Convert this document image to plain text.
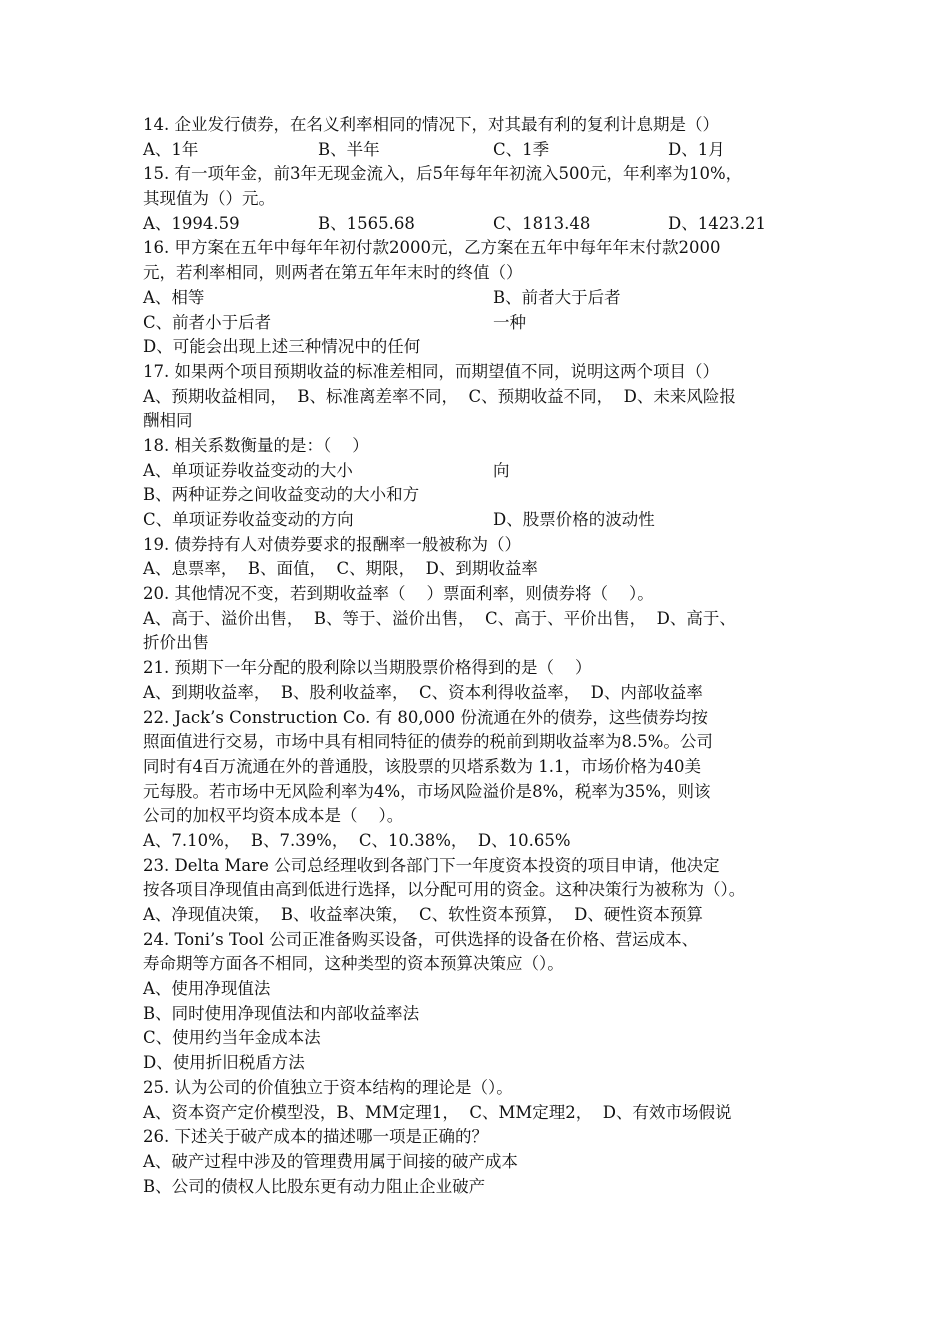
14. 企业发行债券，在名义利率相同的情况下，对其最有利的复利计息期是（）
A、1年	B、半年	C、1季	D、1月
15. 有一项年金，前3年无现金流入，后5年每年年初流入500元，年利率为10%，
其现值为（）元。
A、1994.59	B、1565.68	C、1813.48	D、1423.21
16. 甲方案在五年中每年年初付款2000元，乙方案在五年中每年年末付款2000
元，若利率相同，则两者在第五年年末时的终值（）
A、相等	B、前者大于后者
C、前者小于后者	一种
D、可能会出现上述三种情况中的任何
17. 如果两个项目预期收益的标准差相同，而期望值不同，说明这两个项目（）
A、预期收益相同，  B、标准离差率不同，  C、预期收益不同，  D、未来风险报
酬相同
18. 相关系数衡量的是：（    ）
A、单项证券收益变动的大小	向
B、两种证券之间收益变动的大小和方
C、单项证券收益变动的方向	D、股票价格的波动性
19. 债券持有人对债券要求的报酬率一般被称为（）
A、息票率，  B、面值，  C、期限，  D、到期收益率
20. 其他情况不变，若到期收益率（    ）票面利率，则债券将（    ）。
A、高于、溢价出售，  B、等于、溢价出售，  C、高于、平价出售，  D、高于、
折价出售
21. 预期下一年分配的股利除以当期股票价格得到的是（    ）
A、到期收益率，  B、股利收益率，  C、资本利得收益率，  D、内部收益率
22. Jack’s Construction Co. 有 80,000 份流通在外的债券，这些债券均按
照面值进行交易，市场中具有相同特征的债券的税前到期收益率为8.5%。公司
同时有4百万流通在外的普通股，该股票的贝塔系数为 1.1，市场价格为40美
元每股。若市场中无风险利率为4%，市场风险溢价是8%，税率为35%，则该
公司的加权平均资本成本是（    ）。
A、7.10%，  B、7.39%，  C、10.38%，  D、10.65%
23. Delta Mare 公司总经理收到各部门下一年度资本投资的项目申请，他决定
按各项目净现值由高到低进行选择，以分配可用的资金。这种决策行为被称为（）。
A、净现值决策，  B、收益率决策，  C、软性资本预算，  D、硬性资本预算
24. Toni’s Tool 公司正准备购买设备，可供选择的设备在价格、营运成本、
寿命期等方面各不相同，这种类型的资本预算决策应（）。
A、使用净现值法
B、同时使用净现值法和内部收益率法
C、使用约当年金成本法
D、使用折旧税盾方法
25. 认为公司的价值独立于资本结构的理论是（）。
A、资本资产定价模型没，B、MM定理1，  C、MM定理2，  D、有效市场假说
26. 下述关于破产成本的描述哪一项是正确的？
A、破产过程中涉及的管理费用属于间接的破产成本
B、公司的债权人比股东更有动力阻止企业破产
